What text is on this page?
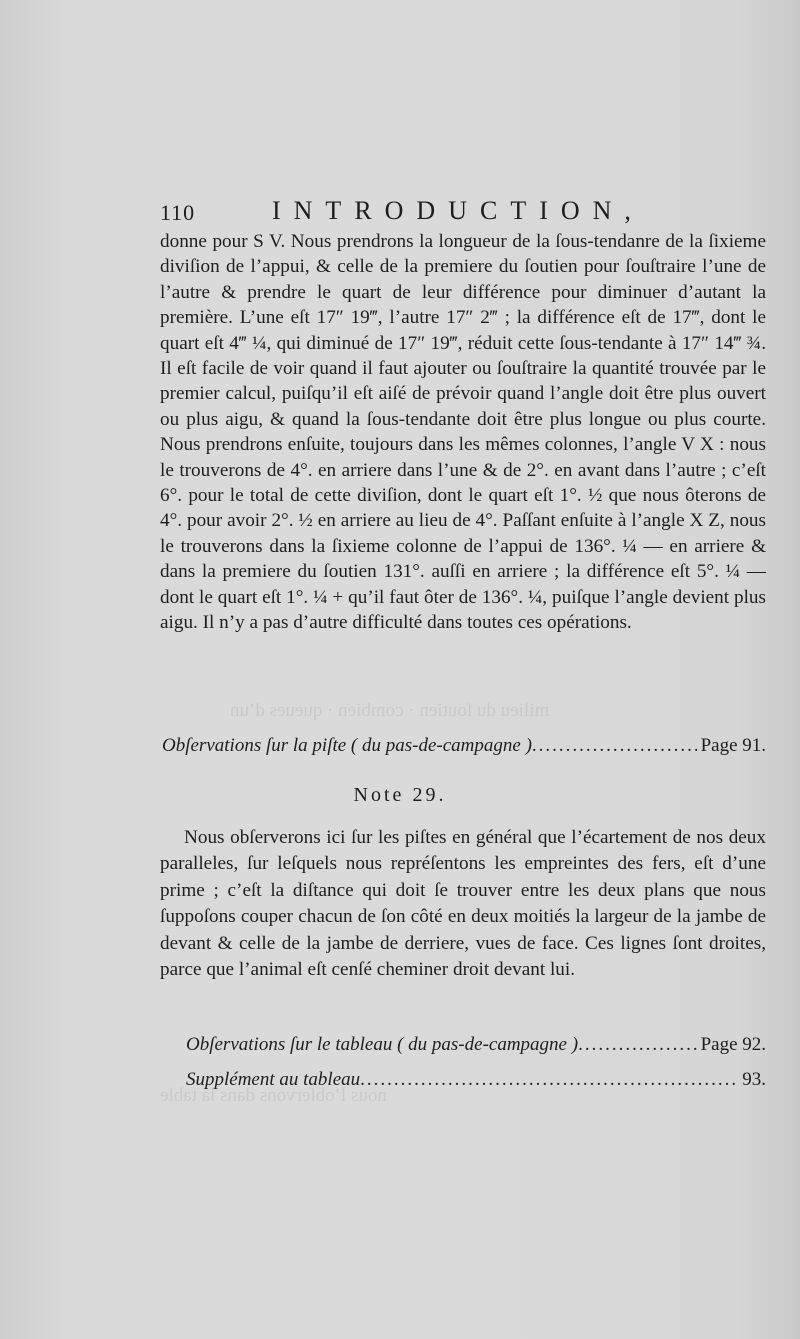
milieu du ſoutien · combien · queues d’un
nous l’obſervons dans la table
110	INTRODUCTION,

donne pour S V. Nous prendrons la longueur de la ſous-tendanre de la ſixieme diviſion de l’appui, & celle de la premiere du ſoutien pour ſouſtraire l’une de l’autre & prendre le quart de leur différence pour diminuer d’autant la première. L’une eſt 17″ 19‴, l’autre 17″ 2‴ ; la différence eſt de 17‴, dont le quart eſt 4‴ ¼, qui diminué de 17″ 19‴, réduit cette ſous-tendante à 17″ 14‴ ¾. Il eſt facile de voir quand il faut ajouter ou ſouſtraire la quantité trouvée par le premier calcul, puiſqu’il eſt aiſé de prévoir quand l’angle doit être plus ouvert ou plus aigu, & quand la ſous-tendante doit être plus longue ou plus courte. Nous prendrons enſuite, toujours dans les mêmes colonnes, l’angle V X : nous le trouverons de 4°. en arriere dans l’une & de 2°. en avant dans l’autre ; c’eſt 6°. pour le total de cette diviſion, dont le quart eſt 1°. ½ que nous ôterons de 4°. pour avoir 2°. ½ en arriere au lieu de 4°. Paſſant enſuite à l’angle X Z, nous le trouverons dans la ſixieme colonne de l’appui de 136°. ¼ — en arriere & dans la premiere du ſoutien 131°. auſſi en arriere ; la différence eſt 5°. ¼ — dont le quart eſt 1°. ¼ + qu’il faut ôter de 136°. ¼, puiſque l’angle devient plus aigu. Il n’y a pas d’autre difficulté dans toutes ces opérations.

Obſervations ſur la piſte ( du pas-de-campagne ) .....	Page 91.
Note 29.

Nous obſerverons ici ſur les piſtes en général que l’écartement de nos deux paralleles, ſur leſquels nous repréſentons les empreintes des fers, eſt d’une prime ; c’eſt la diſtance qui doit ſe trouver entre les deux plans que nous ſuppoſons couper chacun de ſon côté en deux moitiés la largeur de la jambe de devant & celle de la jambe de derriere, vues de face. Ces lignes ſont droites, parce que l’animal eſt cenſé cheminer droit devant lui.

Obſervations ſur le tableau ( du pas-de-campagne ) .....	Page 92.
Supplément au tableau .....	93.
